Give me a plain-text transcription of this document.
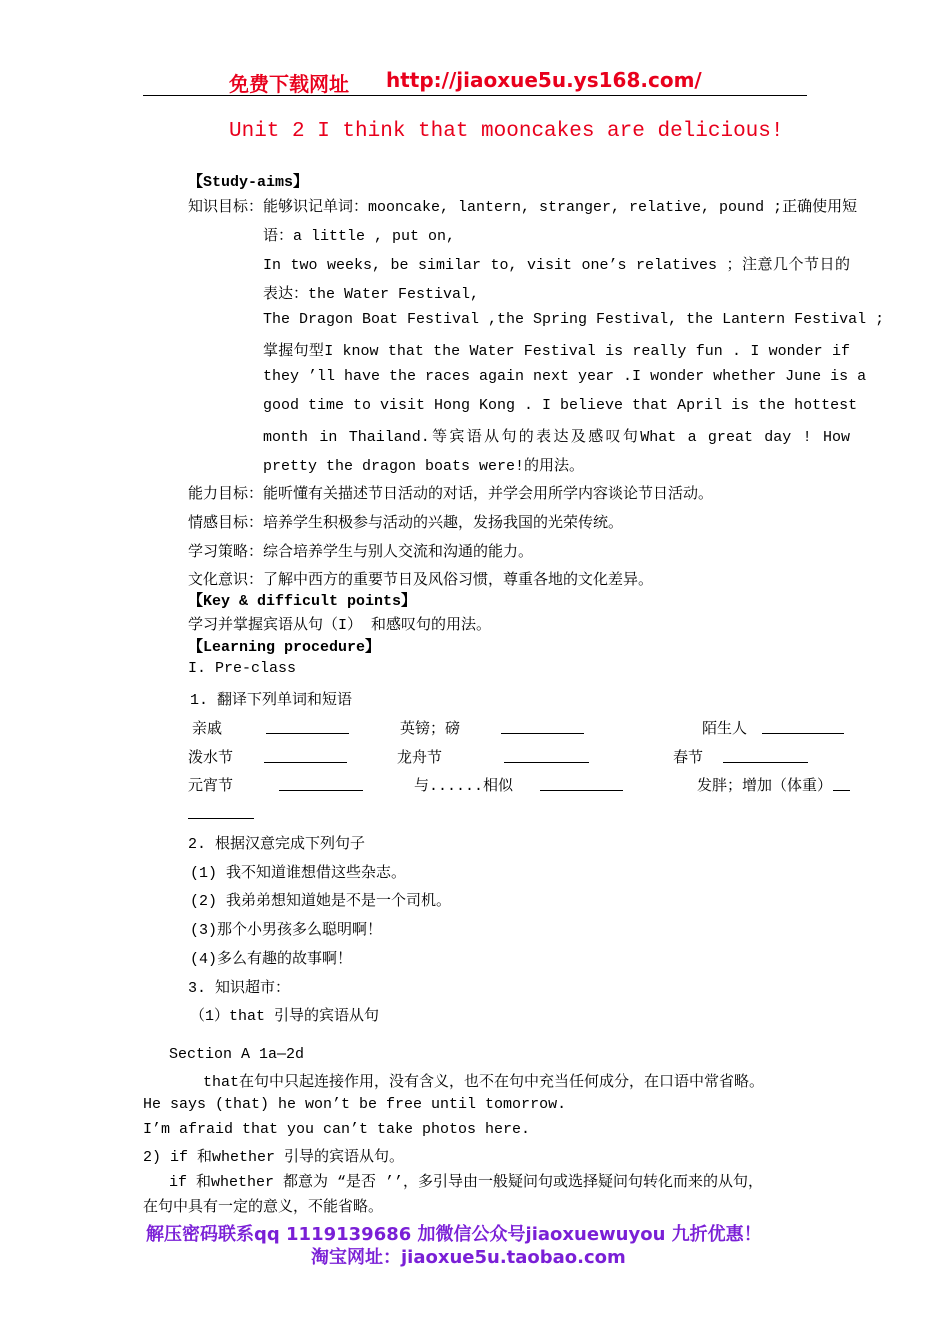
免费下载网址 http://jiaoxue5u.ys168.com/
Unit 2 I think that mooncakes are delicious!
【Study-aims】
知识目标：能够识记单词：mooncake, lantern, stranger, relative, pound ;正确使用短
语：a little , put on,
In two weeks, be similar to, visit one’s relatives ；注意几个节日的
表达：the Water Festival,
The Dragon Boat Festival ,the Spring Festival, the Lantern Festival ;
掌握句型I know that the Water Festival is really fun . I wonder if
they ’ll have the races again next year .I wonder whether June is a
good time to visit Hong Kong . I believe that April is the hottest
month in Thailand.等宾语从句的表达及感叹句What a great day ! How
pretty the dragon boats were!的用法。
能力目标：能听懂有关描述节日活动的对话，并学会用所学内容谈论节日活动。
情感目标：培养学生积极参与活动的兴趣，发扬我国的光荣传统。
学习策略：综合培养学生与别人交流和沟通的能力。
文化意识：了解中西方的重要节日及风俗习惯，尊重各地的文化差异。
【Key & difficult points】
学习并掌握宾语从句（I） 和感叹句的用法。
【Learning procedure】
I. Pre-class
1. 翻译下列单词和短语
亲戚	英镑；磅	陌生人
泼水节	龙舟节	春节
元宵节	与......相似	发胖；增加（体重）
2. 根据汉意完成下列句子
(1) 我不知道谁想借这些杂志。
(2) 我弟弟想知道她是不是一个司机。
(3)那个小男孩多么聪明啊！
(4)多么有趣的故事啊！
3. 知识超市：
（1）that 引导的宾语从句
Section A 1a—2d
that在句中只起连接作用，没有含义，也不在句中充当任何成分，在口语中常省略。
He says (that) he won’t be free until tomorrow.
I’m afraid that you can’t take photos here.
2) if 和whether 引导的宾语从句。
if 和whether 都意为 “是否 ’’，多引导由一般疑问句或选择疑问句转化而来的从句，
在句中具有一定的意义，不能省略。
解压密码联系qq 1119139686 加微信公众号jiaoxuewuyou 九折优惠！
淘宝网址：jiaoxue5u.taobao.com
